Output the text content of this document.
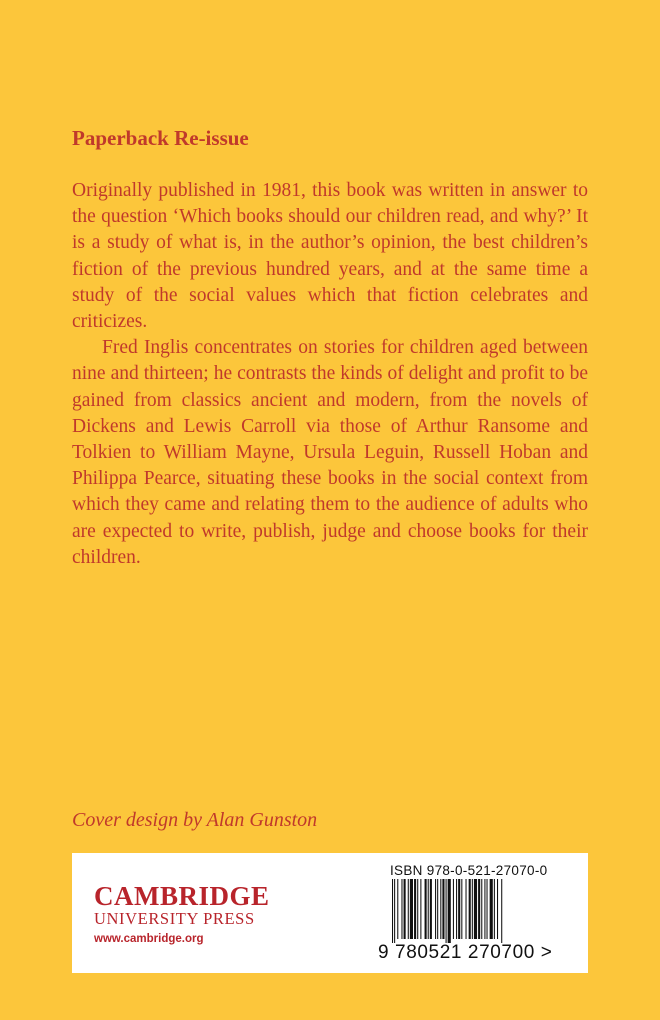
Paperback Re-issue

Originally published in 1981, this book was written in answer to the question ‘Which books should our children read, and why?’ It is a study of what is, in the author’s opinion, the best children’s fiction of the previous hundred years, and at the same time a study of the social values which that fiction celebrates and criticizes.

Fred Inglis concentrates on stories for children aged between nine and thirteen; he contrasts the kinds of delight and profit to be gained from classics ancient and modern, from the novels of Dickens and Lewis Carroll via those of Arthur Ransome and Tolkien to William Mayne, Ursula Leguin, Russell Hoban and Philippa Pearce, situating these books in the social context from which they came and relating them to the audience of adults who are expected to write, publish, judge and choose books for their children.

Cover design by Alan Gunston

CAMBRIDGE
UNIVERSITY PRESS
www.cambridge.org
ISBN 978-0-521-27070-0
9 780521 270700 >
